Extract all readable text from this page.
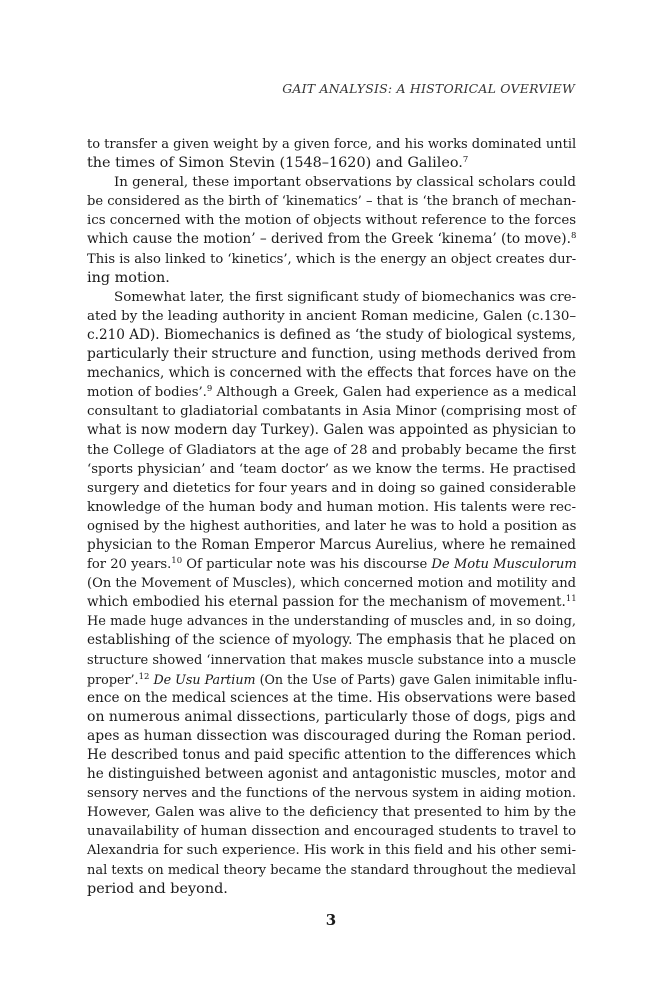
GAIT ANALYSIS: A HISTORICAL OVERVIEW
to transfer a given weight by a given force, and his works dominated until
the times of Simon Stevin (1548–1620) and Galileo.$^7$
In general, these important observations by classical scholars could
be considered as the birth of ‘kinematics’ – that is ‘the branch of mechan-
ics concerned with the motion of objects without reference to the forces
which cause the motion’ – derived from the Greek ‘kinema’ (to move).$^8$
This is also linked to ‘kinetics’, which is the energy an object creates dur-
ing motion.
Somewhat later, the first significant study of biomechanics was cre-
ated by the leading authority in ancient Roman medicine, Galen (c.130–
c.210 AD). Biomechanics is defined as ‘the study of biological systems,
particularly their structure and function, using methods derived from
mechanics, which is concerned with the effects that forces have on the
motion of bodies’.$^9$ Although a Greek, Galen had experience as a medical
consultant to gladiatorial combatants in Asia Minor (comprising most of
what is now modern day Turkey). Galen was appointed as physician to
the College of Gladiators at the age of 28 and probably became the first
‘sports physician’ and ‘team doctor’ as we know the terms. He practised
surgery and dietetics for four years and in doing so gained considerable
knowledge of the human body and human motion. His talents were rec-
ognised by the highest authorities, and later he was to hold a position as
physician to the Roman Emperor Marcus Aurelius, where he remained
for 20 years.$^{10}$ Of particular note was his discourse De Motu Musculorum
(On the Movement of Muscles), which concerned motion and motility and
which embodied his eternal passion for the mechanism of movement.$^{11}$
He made huge advances in the understanding of muscles and, in so doing,
establishing of the science of myology. The emphasis that he placed on
structure showed ‘innervation that makes muscle substance into a muscle
proper’.$^{12}$ De Usu Partium (On the Use of Parts) gave Galen inimitable influ-
ence on the medical sciences at the time. His observations were based
on numerous animal dissections, particularly those of dogs, pigs and
apes as human dissection was discouraged during the Roman period.
He described tonus and paid specific attention to the differences which
he distinguished between agonist and antagonistic muscles, motor and
sensory nerves and the functions of the nervous system in aiding motion.
However, Galen was alive to the deficiency that presented to him by the
unavailability of human dissection and encouraged students to travel to
Alexandria for such experience. His work in this field and his other semi-
nal texts on medical theory became the standard throughout the medieval
period and beyond.
3
